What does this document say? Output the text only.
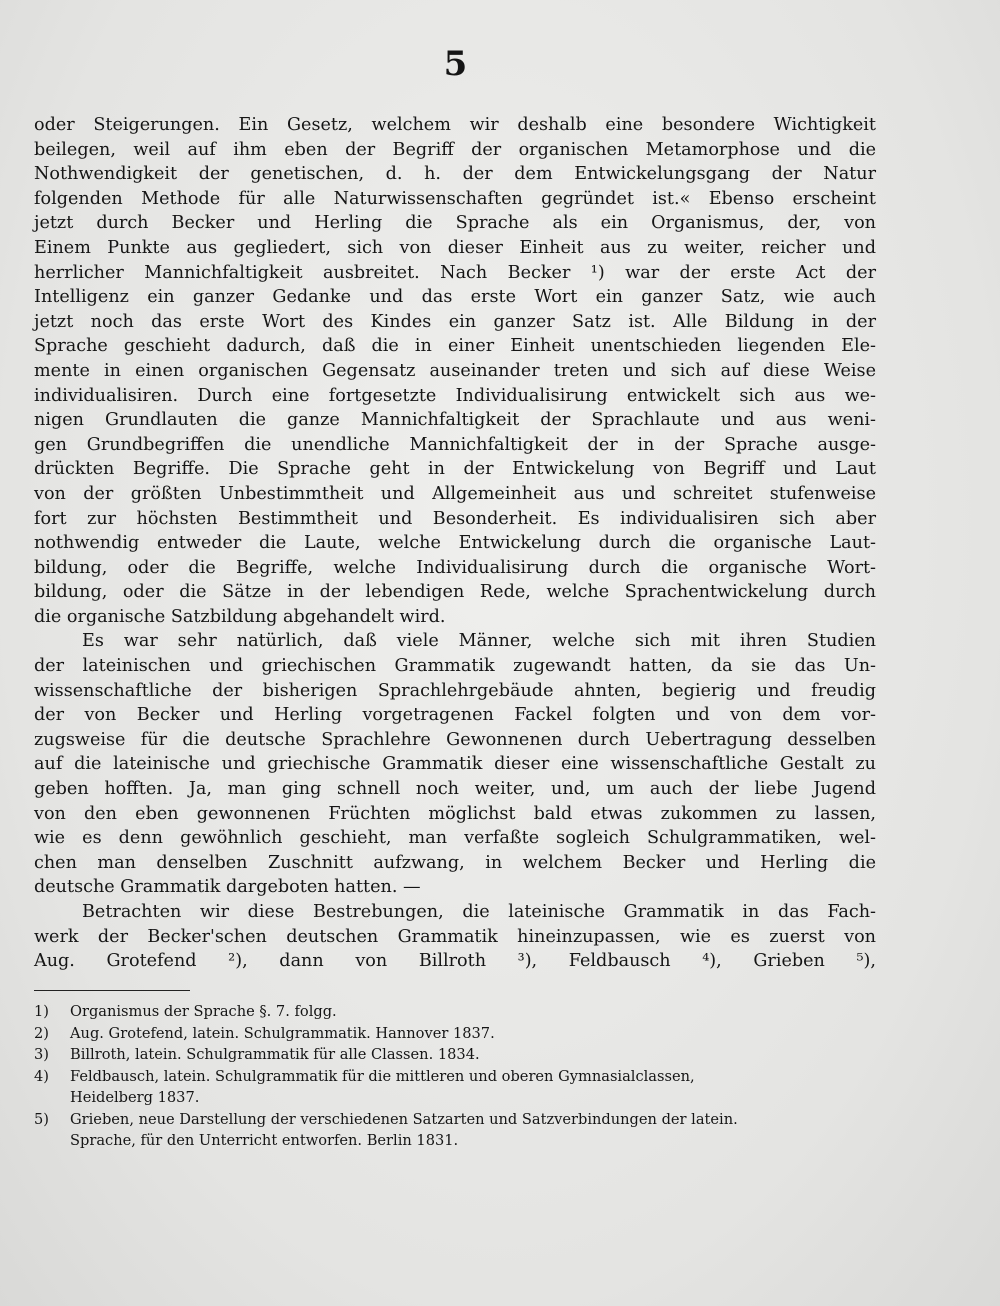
5
oder Steigerungen. Ein Gesetz, welchem wir deshalb eine besondere Wichtigkeit
beilegen, weil auf ihm eben der Begriff der organischen Metamorphose und die
Nothwendigkeit der genetischen, d. h. der dem Entwickelungsgang der Natur
folgenden Methode für alle Naturwissenschaften gegründet ist.« Ebenso erscheint
jetzt durch Becker und Herling die Sprache als ein Organismus, der, von
Einem Punkte aus gegliedert, sich von dieser Einheit aus zu weiter, reicher und
herrlicher Mannichfaltigkeit ausbreitet. Nach Becker ¹) war der erste Act der
Intelligenz ein ganzer Gedanke und das erste Wort ein ganzer Satz, wie auch
jetzt noch das erste Wort des Kindes ein ganzer Satz ist. Alle Bildung in der
Sprache geschieht dadurch, daß die in einer Einheit unentschieden liegenden Ele-
mente in einen organischen Gegensatz auseinander treten und sich auf diese Weise
individualisiren. Durch eine fortgesetzte Individualisirung entwickelt sich aus we-
nigen Grundlauten die ganze Mannichfaltigkeit der Sprachlaute und aus weni-
gen Grundbegriffen die unendliche Mannichfaltigkeit der in der Sprache ausge-
drückten Begriffe. Die Sprache geht in der Entwickelung von Begriff und Laut
von der größten Unbestimmtheit und Allgemeinheit aus und schreitet stufenweise
fort zur höchsten Bestimmtheit und Besonderheit. Es individualisiren sich aber
nothwendig entweder die Laute, welche Entwickelung durch die organische Laut-
bildung, oder die Begriffe, welche Individualisirung durch die organische Wort-
bildung, oder die Sätze in der lebendigen Rede, welche Sprachentwickelung durch
die organische Satzbildung abgehandelt wird.
Es war sehr natürlich, daß viele Männer, welche sich mit ihren Studien
der lateinischen und griechischen Grammatik zugewandt hatten, da sie das Un-
wissenschaftliche der bisherigen Sprachlehrgebäude ahnten, begierig und freudig
der von Becker und Herling vorgetragenen Fackel folgten und von dem vor-
zugsweise für die deutsche Sprachlehre Gewonnenen durch Uebertragung desselben
auf die lateinische und griechische Grammatik dieser eine wissenschaftliche Gestalt zu
geben hofften. Ja, man ging schnell noch weiter, und, um auch der liebe Jugend
von den eben gewonnenen Früchten möglichst bald etwas zukommen zu lassen,
wie es denn gewöhnlich geschieht, man verfaßte sogleich Schulgrammatiken, wel-
chen man denselben Zuschnitt aufzwang, in welchem Becker und Herling die
deutsche Grammatik dargeboten hatten. —
Betrachten wir diese Bestrebungen, die lateinische Grammatik in das Fach-
werk der Becker'schen deutschen Grammatik hineinzupassen, wie es zuerst von
Aug. Grotefend ²), dann von Billroth ³), Feldbausch ⁴), Grieben ⁵),
1) Organismus der Sprache §. 7. folgg.
2) Aug. Grotefend, latein. Schulgrammatik. Hannover 1837.
3) Billroth, latein. Schulgrammatik für alle Classen. 1834.
4) Feldbausch, latein. Schulgrammatik für die mittleren und oberen Gymnasialclassen,
Heidelberg 1837.
5) Grieben, neue Darstellung der verschiedenen Satzarten und Satzverbindungen der latein.
Sprache, für den Unterricht entworfen. Berlin 1831.
